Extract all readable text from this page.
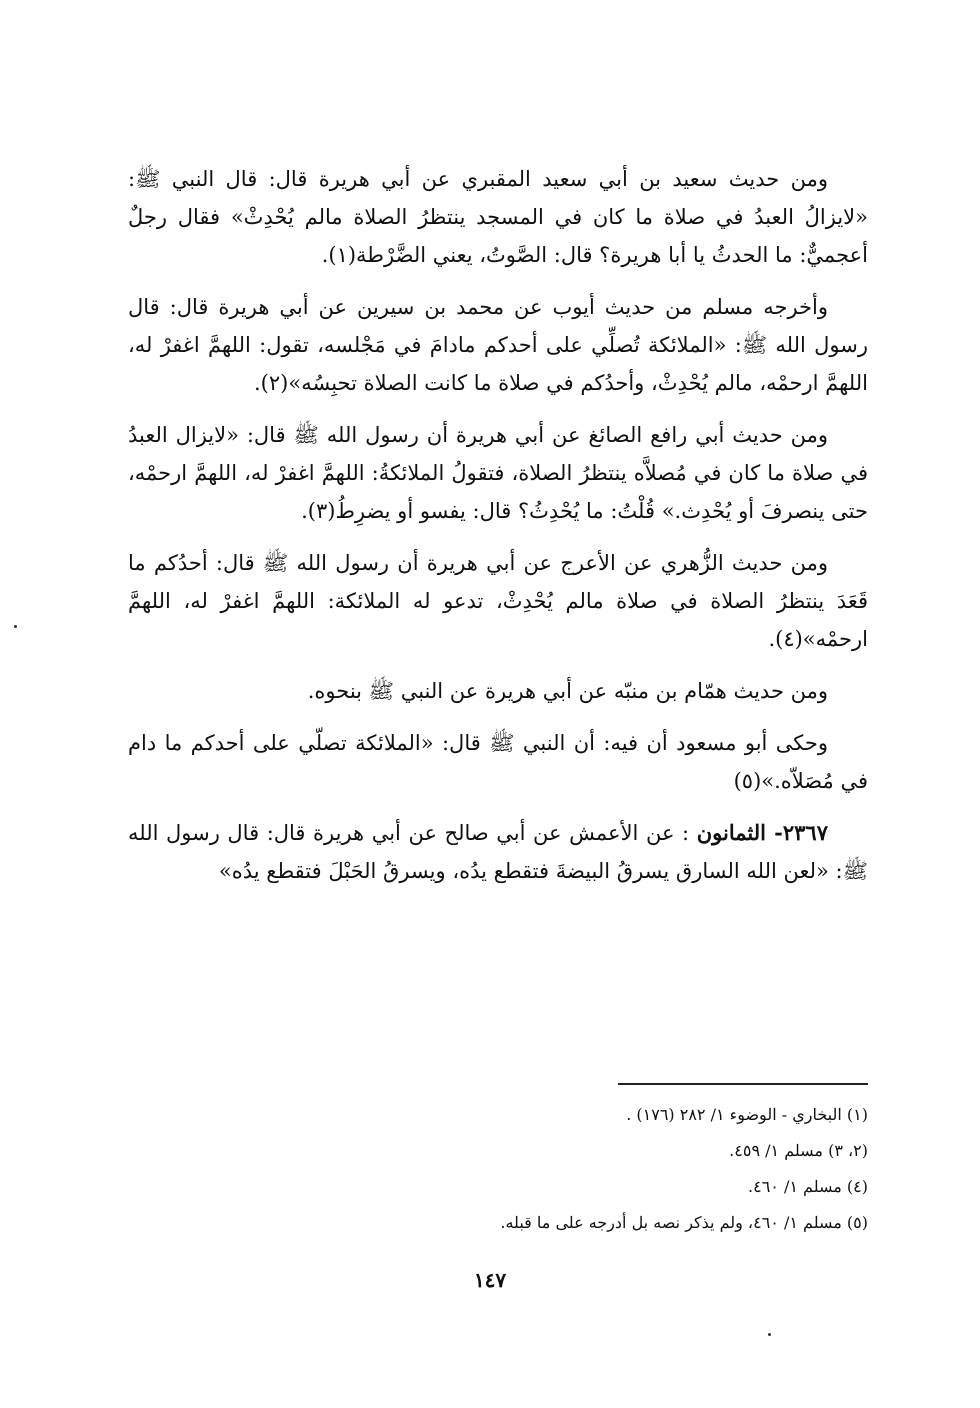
ومن حديث سعيد بن أبي سعيد المقبري عن أبي هريرة قال: قال النبي ﷺ: «لايزالُ العبدُ في صلاة ما كان في المسجد ينتظرُ الصلاة مالم يُحْدِثْ» فقال رجلٌ أعجميٌّ: ما الحدثُ يا أبا هريرة؟ قال: الصَّوتُ، يعني الضَّرْطة(١).

وأخرجه مسلم من حديث أيوب عن محمد بن سيرين عن أبي هريرة قال: قال رسول الله ﷺ: «الملائكة تُصلِّي على أحدكم مادامَ في مَجْلسه، تقول: اللهمَّ اغفرْ له، اللهمَّ ارحمْه، مالم يُحْدِثْ، وأحدُكم في صلاة ما كانت الصلاة تحبِسُه»(٢).

ومن حديث أبي رافع الصائغ عن أبي هريرة أن رسول الله ﷺ قال: «لايزال العبدُ في صلاة ما كان في مُصلاَّه ينتظرُ الصلاة، فتقولُ الملائكةُ: اللهمَّ اغفرْ له، اللهمَّ ارحمْه، حتى ينصرفَ أو يُحْدِث.» قُلْتُ: ما يُحْدِثُ؟ قال: يفسو أو يضرِطُ(٣).

ومن حديث الزُّهري عن الأعرج عن أبي هريرة أن رسول الله ﷺ قال: أحدُكم ما قَعَدَ ينتظرُ الصلاة في صلاة مالم يُحْدِثْ، تدعو له الملائكة: اللهمَّ اغفرْ له، اللهمَّ ارحمْه»(٤).

ومن حديث همّام بن منبّه عن أبي هريرة عن النبي ﷺ بنحوه.

وحكى أبو مسعود أن فيه: أن النبي ﷺ قال: «الملائكة تصلّي على أحدكم ما دام في مُصَلاّه.»(٥)

٢٣٦٧- الثمانون : عن الأعمش عن أبي صالح عن أبي هريرة قال: قال رسول الله ﷺ: «لعن الله السارق يسرقُ البيضةَ فتقطع يدُه، ويسرقُ الحَبْلَ فتقطع يدُه»

(١) البخاري - الوضوء ١/ ٢٨٢ (١٧٦) .
(٢، ٣) مسلم ١/ ٤٥٩.
(٤) مسلم ١/ ٤٦٠.
(٥) مسلم ١/ ٤٦٠، ولم يذكر نصه بل أدرجه على ما قبله.
١٤٧
